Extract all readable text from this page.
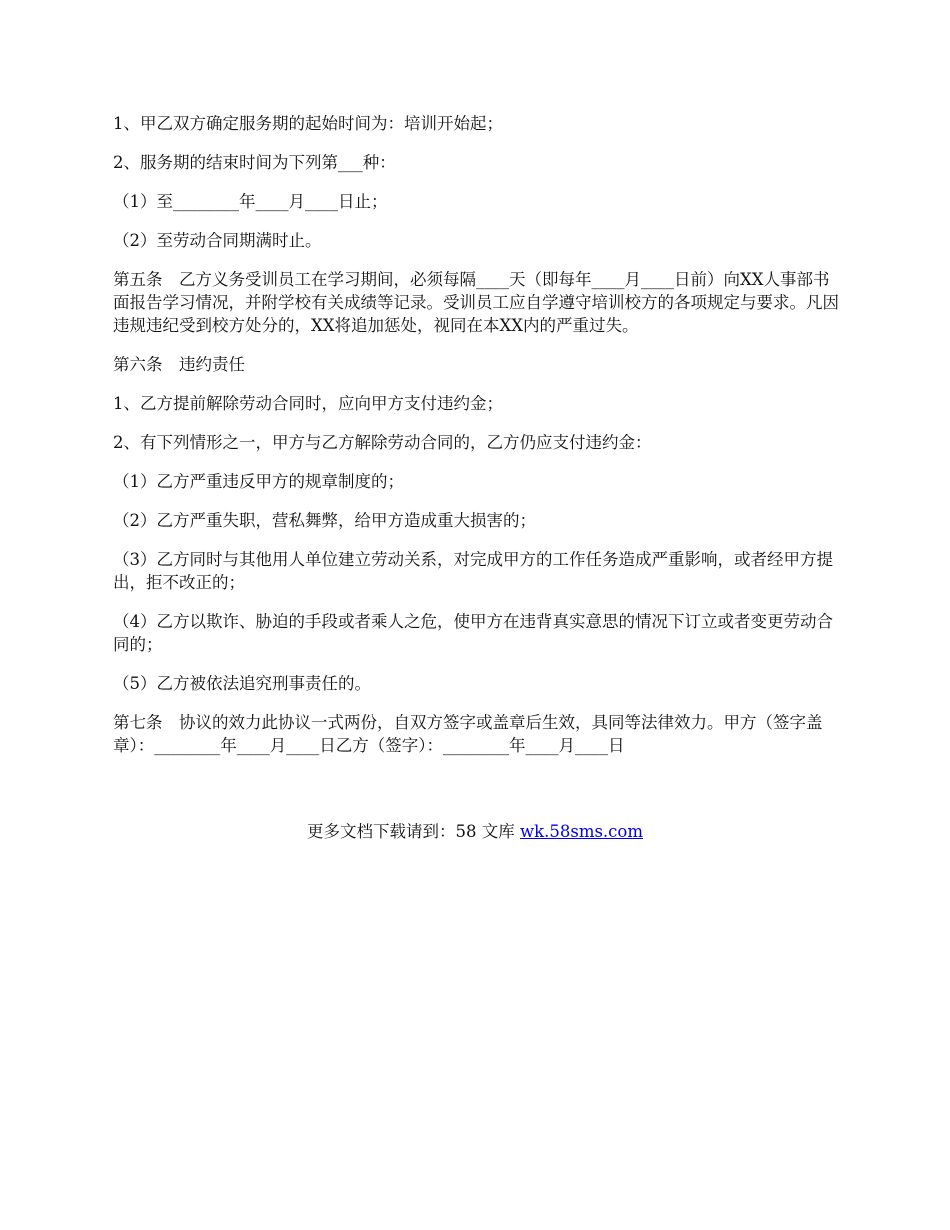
1、甲乙双方确定服务期的起始时间为：培训开始起；

2、服务期的结束时间为下列第___种：

（1）至________年____月____日止；

（2）至劳动合同期满时止。

第五条　乙方义务受训员工在学习期间，必须每隔____天（即每年____月____日前）向XX人事部书面报告学习情况，并附学校有关成绩等记录。受训员工应自学遵守培训校方的各项规定与要求。凡因违规违纪受到校方处分的，XX将追加惩处，视同在本XX内的严重过失。

第六条　违约责任

1、乙方提前解除劳动合同时，应向甲方支付违约金；

2、有下列情形之一，甲方与乙方解除劳动合同的，乙方仍应支付违约金：

（1）乙方严重违反甲方的规章制度的；

（2）乙方严重失职，营私舞弊，给甲方造成重大损害的；

（3）乙方同时与其他用人单位建立劳动关系，对完成甲方的工作任务造成严重影响，或者经甲方提出，拒不改正的；

（4）乙方以欺诈、胁迫的手段或者乘人之危，使甲方在违背真实意思的情况下订立或者变更劳动合同的；

（5）乙方被依法追究刑事责任的。

第七条　协议的效力此协议一式两份，自双方签字或盖章后生效，具同等法律效力。甲方（签字盖章）：________年____月____日乙方（签字）：________年____月____日

更多文档下载请到：58 文库 wk.58sms.com
